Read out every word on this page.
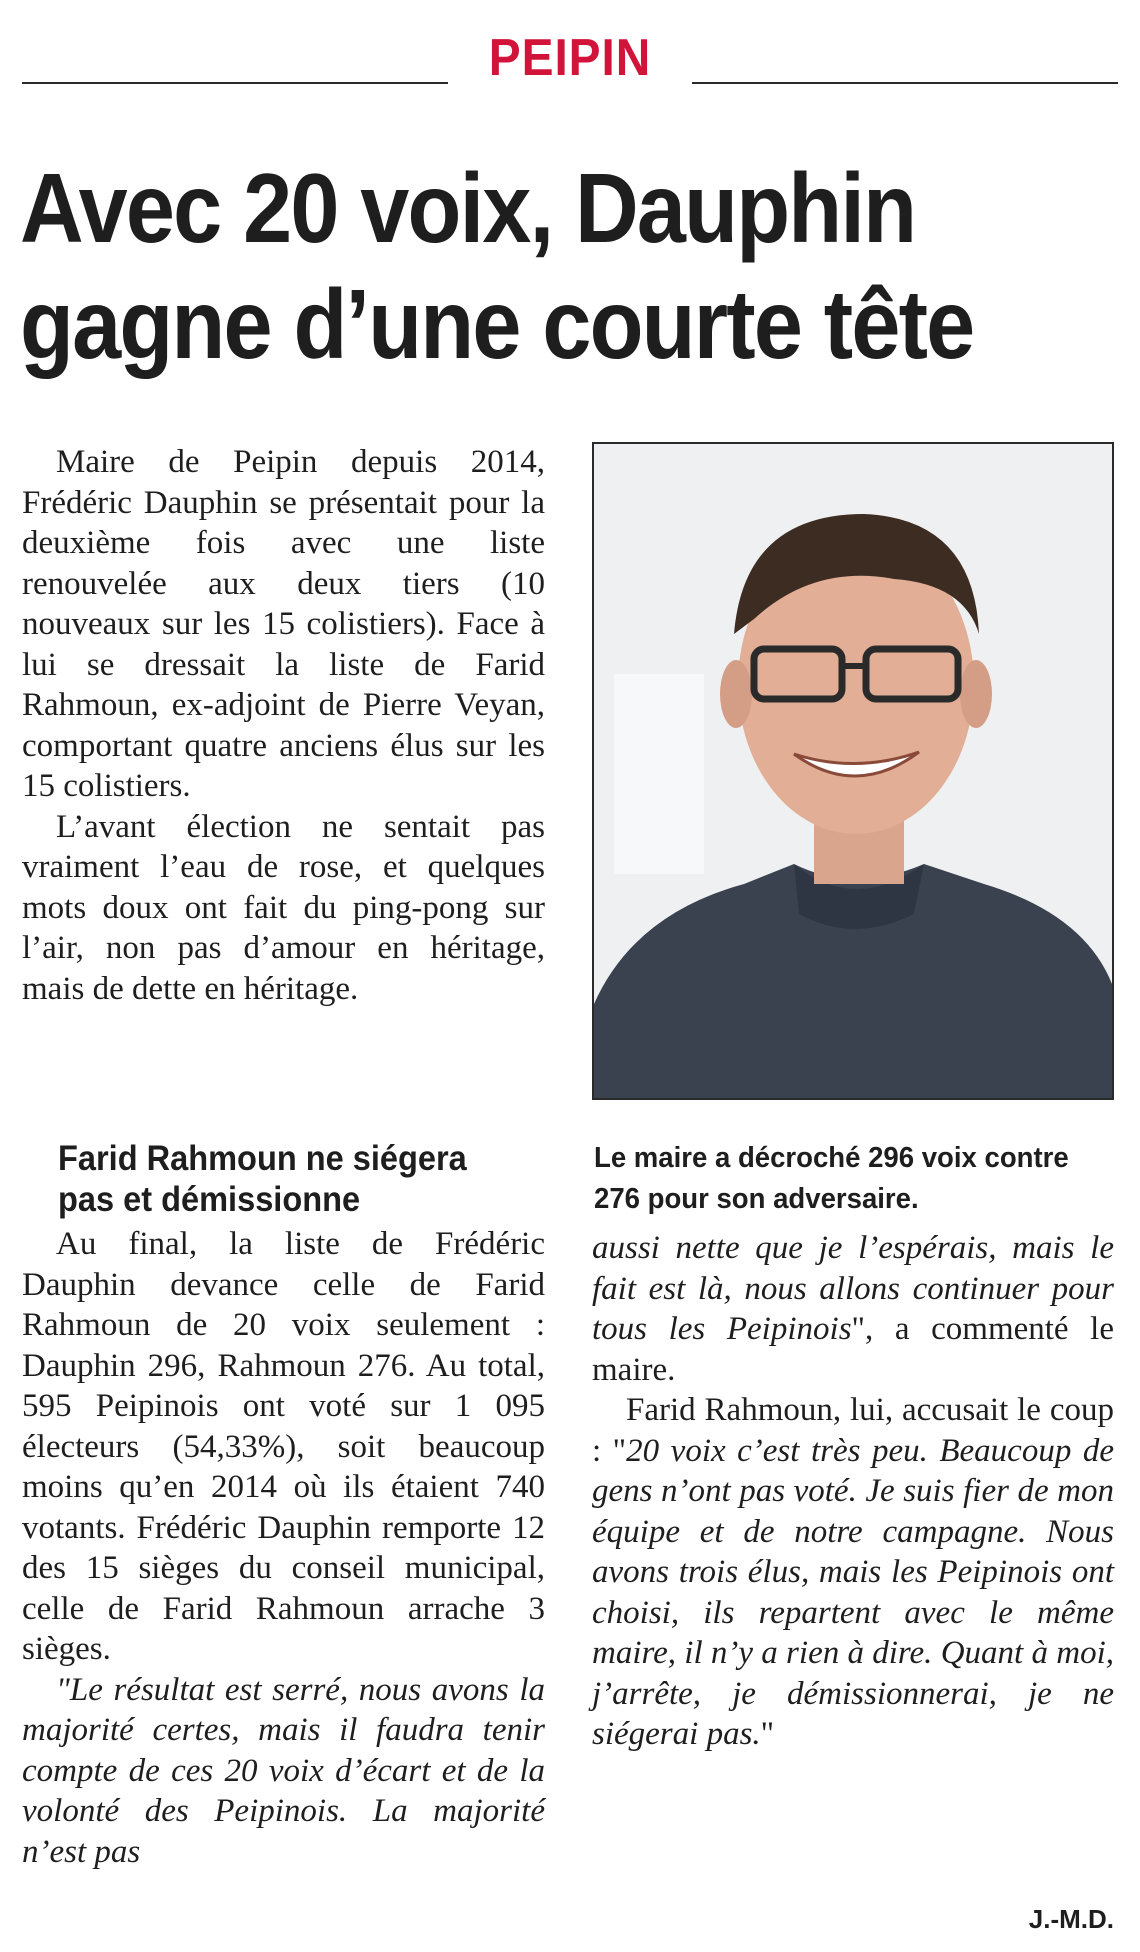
PEIPIN
Avec 20 voix, Dauphin
gagne d’une courte tête

Maire de Peipin depuis 2014, Frédéric Dauphin se présentait pour la deuxième fois avec une liste renouvelée aux deux tiers (10 nouveaux sur les 15 colistiers). Face à lui se dressait la liste de Farid Rahmoun, ex-adjoint de Pierre Veyan, comportant quatre anciens élus sur les 15 colistiers.

L’avant élection ne sentait pas vraiment l’eau de rose, et quelques mots doux ont fait du ping-pong sur l’air, non pas d’amour en héritage, mais de dette en héritage.

Le maire a décroché 296 voix contre 276 pour son adversaire.

Farid Rahmoun ne siégera pas et démissionne

Au final, la liste de Frédéric Dauphin devance celle de Farid Rahmoun de 20 voix seulement : Dauphin 296, Rahmoun 276. Au total, 595 Peipinois ont voté sur 1 095 électeurs (54,33%), soit beaucoup moins qu’en 2014 où ils étaient 740 votants. Frédéric Dauphin remporte 12 des 15 sièges du conseil municipal, celle de Farid Rahmoun arrache 3 sièges.

"Le résultat est serré, nous avons la majorité certes, mais il faudra tenir compte de ces 20 voix d’écart et de la volonté des Peipinois. La majorité n’est pas

aussi nette que je l’espérais, mais le fait est là, nous allons continuer pour tous les Peipinois", a commenté le maire.

Farid Rahmoun, lui, accusait le coup : "20 voix c’est très peu. Beaucoup de gens n’ont pas voté. Je suis fier de mon équipe et de notre campagne. Nous avons trois élus, mais les Peipinois ont choisi, ils repartent avec le même maire, il n’y a rien à dire. Quant à moi, j’arrête, je démissionnerai, je ne siégerai pas."

J.-M.D.
